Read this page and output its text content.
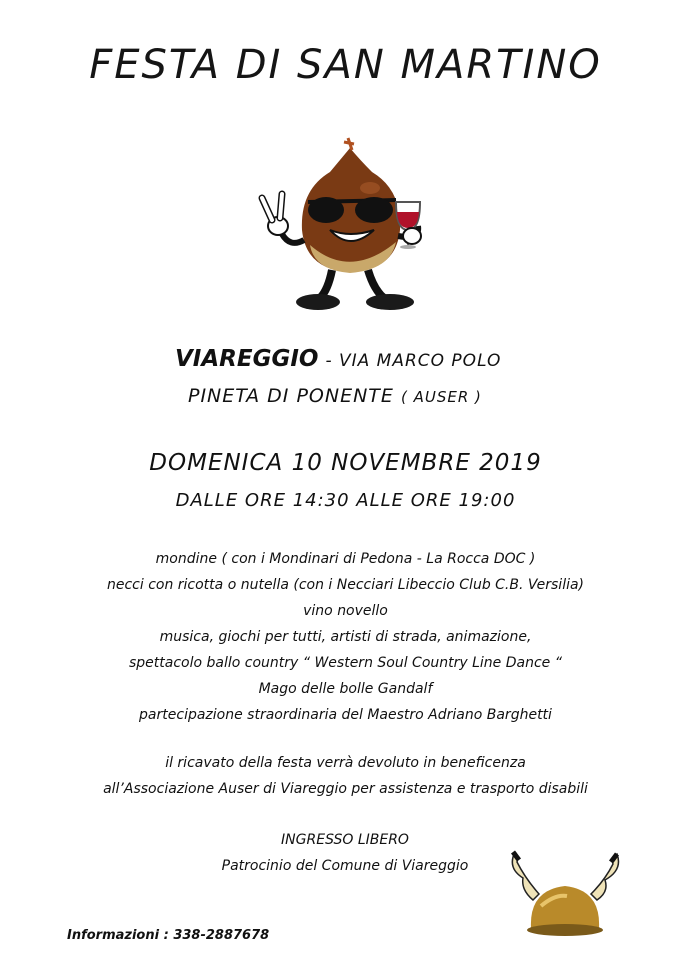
FESTA DI SAN MARTINO
VIAREGGIO - VIA MARCO POLO
PINETA DI PONENTE ( AUSER )
DOMENICA 10 NOVEMBRE 2019
DALLE ORE 14:30 ALLE ORE 19:00
mondine ( con i Mondinari di Pedona - La Rocca DOC )
necci con ricotta o nutella (con i Necciari Libeccio Club C.B. Versilia)
vino novello
musica, giochi per tutti, artisti di strada, animazione,
spettacolo ballo country “ Western Soul Country Line Dance “
Mago delle bolle Gandalf
partecipazione straordinaria del Maestro Adriano Barghetti
il ricavato della festa verrà devoluto in beneficenza
all’Associazione Auser di Viareggio per assistenza e trasporto disabili
INGRESSO LIBERO
Patrocinio del Comune di Viareggio
Informazioni : 338-2887678
